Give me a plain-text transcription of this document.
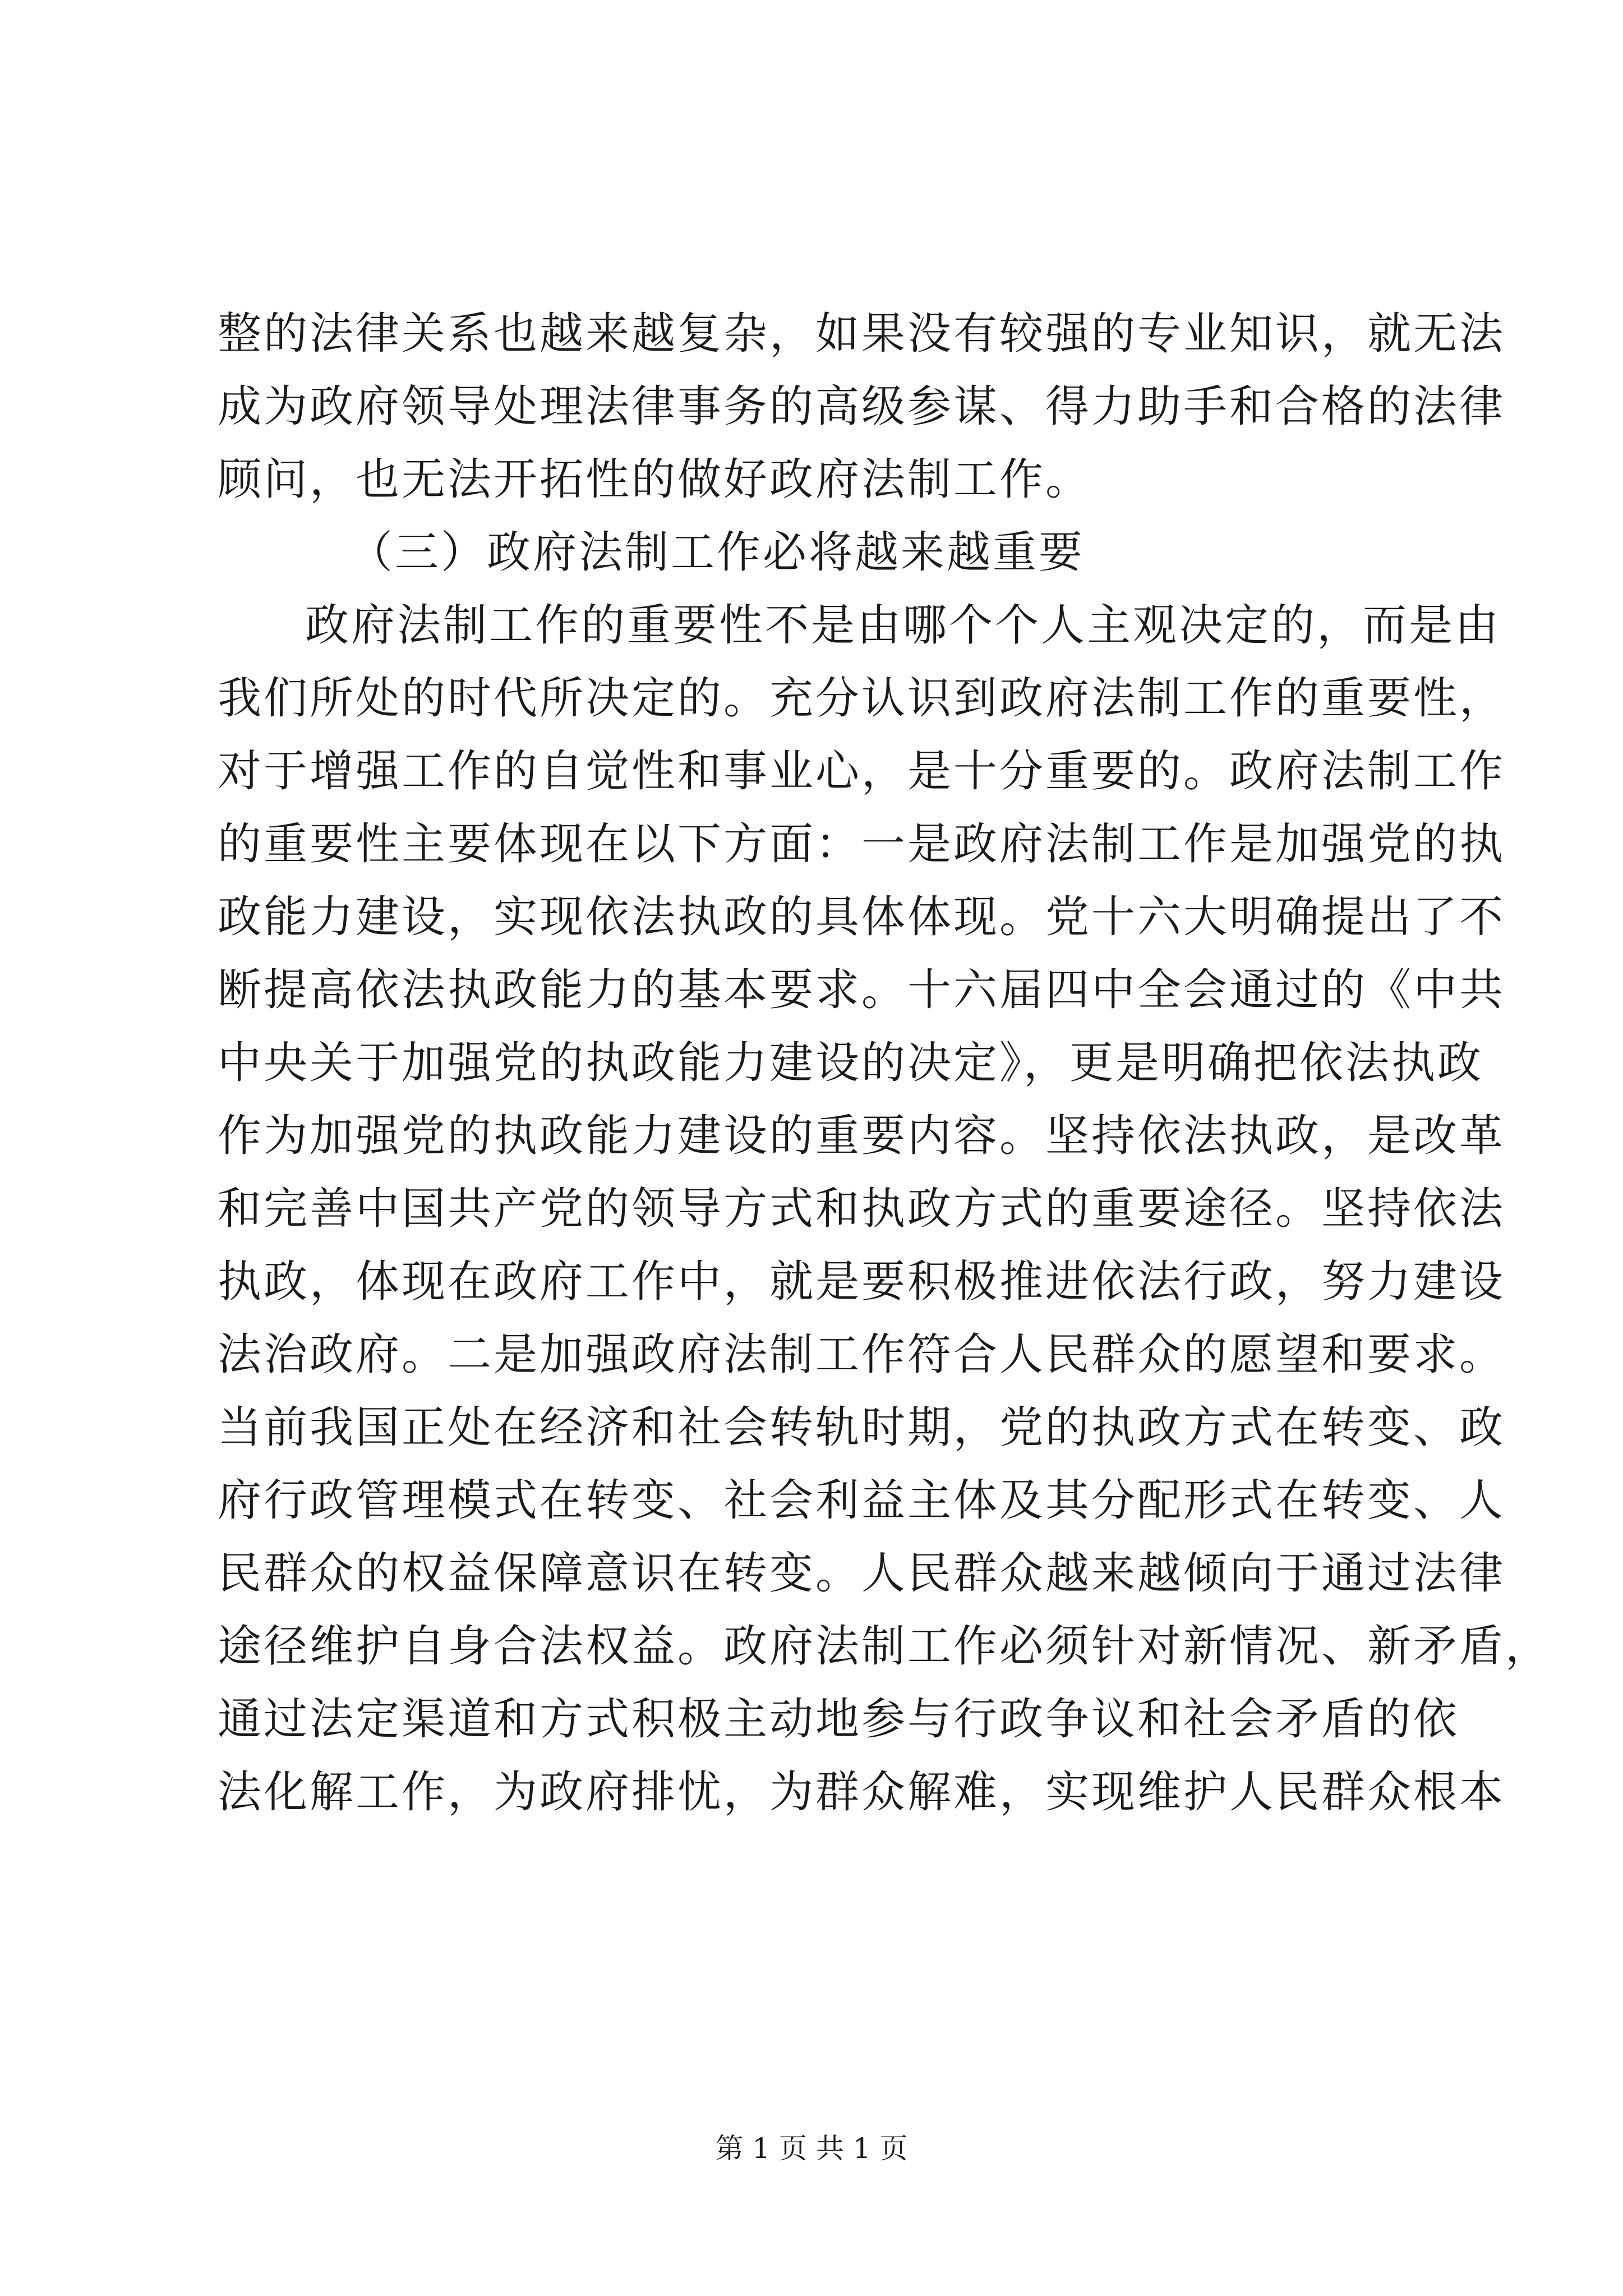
整的法律关系也越来越复杂，如果没有较强的专业知识，就无法
成为政府领导处理法律事务的高级参谋、得力助手和合格的法律
顾问，也无法开拓性的做好政府法制工作。
（三）政府法制工作必将越来越重要
政府法制工作的重要性不是由哪个个人主观决定的，而是由
我们所处的时代所决定的。充分认识到政府法制工作的重要性，
对于增强工作的自觉性和事业心，是十分重要的。政府法制工作
的重要性主要体现在以下方面：一是政府法制工作是加强党的执
政能力建设，实现依法执政的具体体现。党十六大明确提出了不
断提高依法执政能力的基本要求。十六届四中全会通过的《中共
中央关于加强党的执政能力建设的决定》，更是明确把依法执政
作为加强党的执政能力建设的重要内容。坚持依法执政，是改革
和完善中国共产党的领导方式和执政方式的重要途径。坚持依法
执政，体现在政府工作中，就是要积极推进依法行政，努力建设
法治政府。二是加强政府法制工作符合人民群众的愿望和要求。
当前我国正处在经济和社会转轨时期，党的执政方式在转变、政
府行政管理模式在转变、社会利益主体及其分配形式在转变、人
民群众的权益保障意识在转变。人民群众越来越倾向于通过法律
途径维护自身合法权益。政府法制工作必须针对新情况、新矛盾，
通过法定渠道和方式积极主动地参与行政争议和社会矛盾的依
法化解工作，为政府排忧，为群众解难，实现维护人民群众根本
第 1 页 共 1 页
